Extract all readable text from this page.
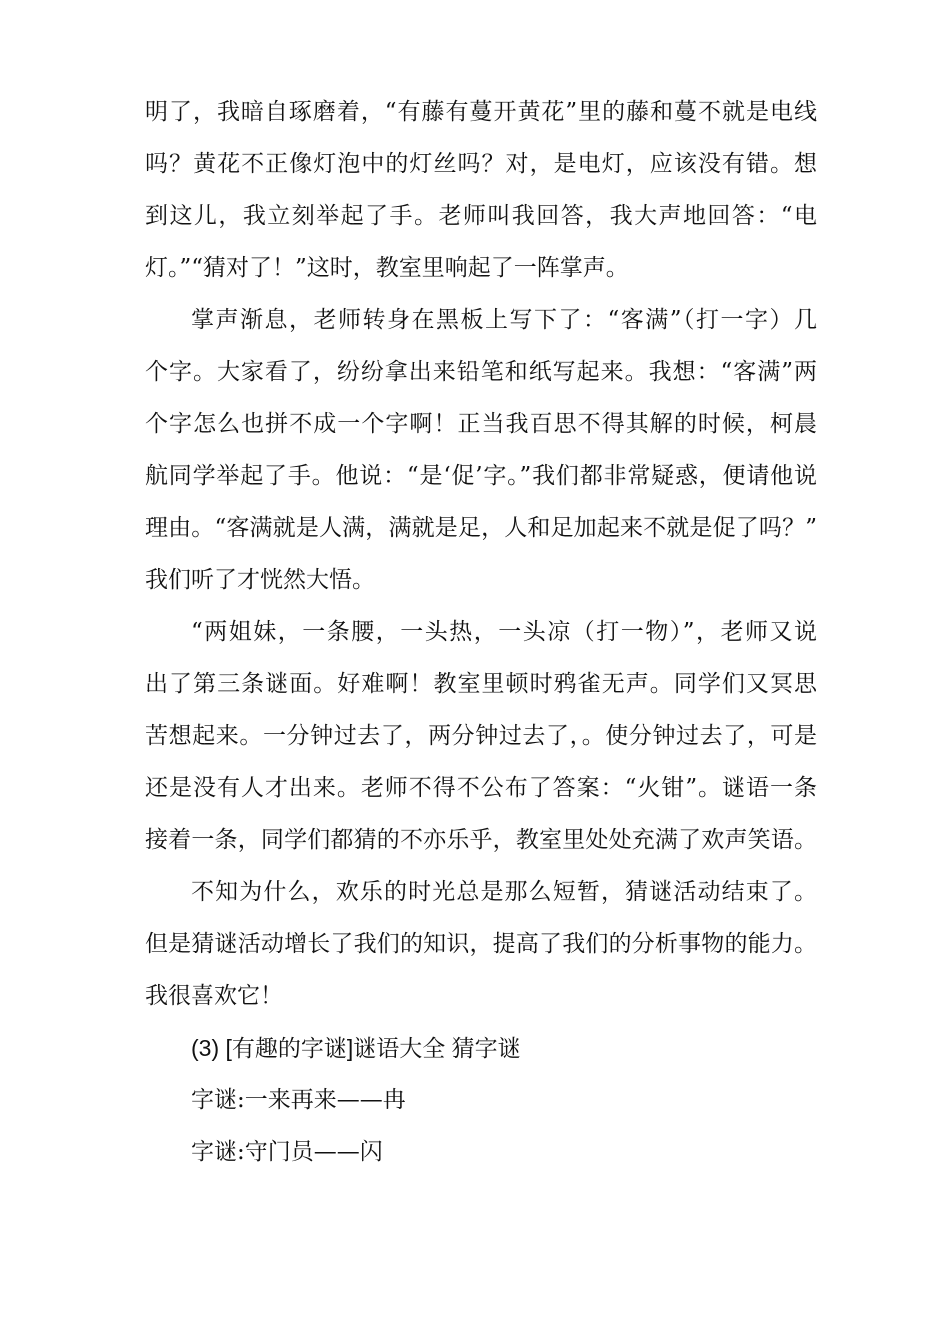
明了，我暗自琢磨着，“有藤有蔓开黄花”里的藤和蔓不就是电线
吗？黄花不正像灯泡中的灯丝吗？对，是电灯，应该没有错。想
到这儿，我立刻举起了手。老师叫我回答，我大声地回答：“电
灯。”“猜对了！”这时，教室里响起了一阵掌声。
掌声渐息，老师转身在黑板上写下了：“客满”（打一字）几
个字。大家看了，纷纷拿出来铅笔和纸写起来。我想：“客满”两
个字怎么也拼不成一个字啊！正当我百思不得其解的时候，柯晨
航同学举起了手。他说：“是‘促’字。”我们都非常疑惑，便请他说
理由。“客满就是人满，满就是足，人和足加起来不就是促了吗？”
我们听了才恍然大悟。
“两姐妹，一条腰，一头热，一头凉（打一物）”，老师又说
出了第三条谜面。好难啊！教室里顿时鸦雀无声。同学们又冥思
苦想起来。一分钟过去了，两分钟过去了，。使分钟过去了，可是
还是没有人才出来。老师不得不公布了答案：“火钳”。谜语一条
接着一条，同学们都猜的不亦乐乎，教室里处处充满了欢声笑语。
不知为什么，欢乐的时光总是那么短暂，猜谜活动结束了。
但是猜谜活动增长了我们的知识，提高了我们的分析事物的能力。
我很喜欢它！
(3) [有趣的字谜]谜语大全 猜字谜
字谜:一来再来——冉
字谜:守门员——闪
